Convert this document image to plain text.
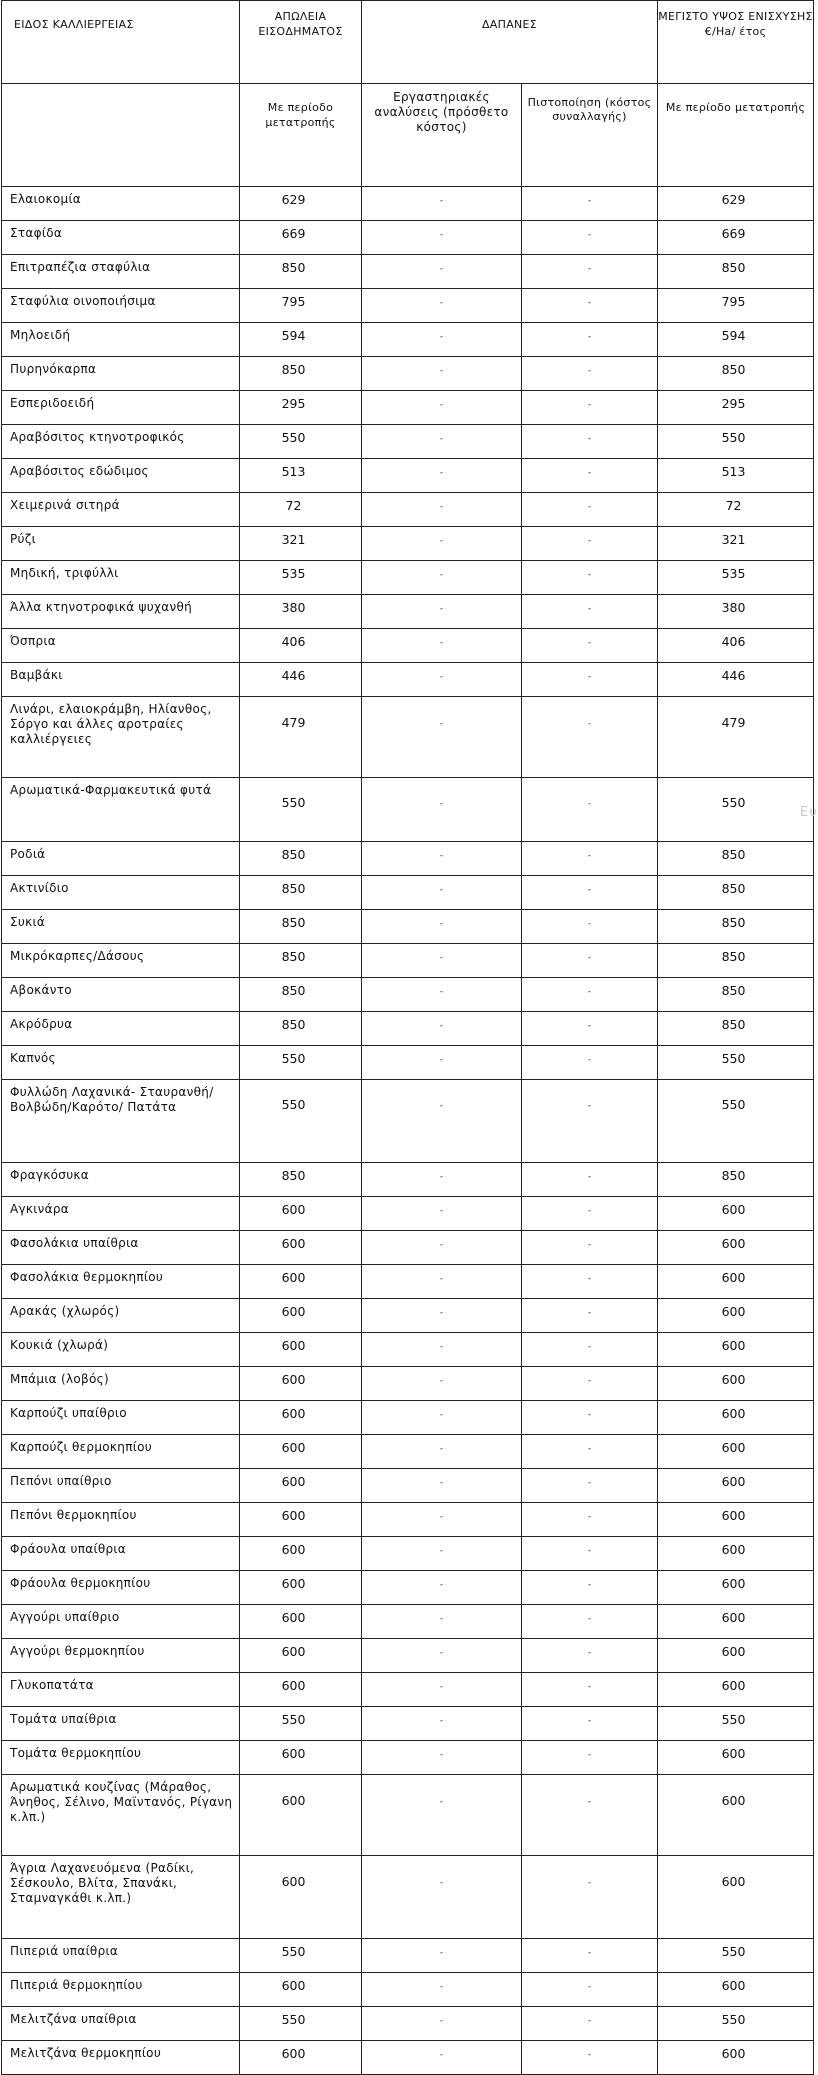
ΕΙΔΟΣ ΚΑΛΛΙΕΡΓΕΙΑΣ	ΑΠΩΛΕΙΑ ΕΙΣΟΔΗΜΑΤΟΣ	ΔΑΠΑΝΕΣ		ΜΕΓΙΣΤΟ ΥΨΟΣ ΕΝΙΣΧΥΣΗΣ €/Ha/ έτος
	Με περίοδο μετατροπής	Εργαστηριακές αναλύσεις (πρόσθετο κόστος)	Πιστοποίηση (κόστος συναλλαγής)	Με περίοδο μετατροπής
Ελαιοκομία	629	-	-	629
Σταφίδα	669	-	-	669
Επιτραπέζια σταφύλια	850	-	-	850
Σταφύλια οινοποιήσιμα	795	-	-	795
Μηλοειδή	594	-	-	594
Πυρηνόκαρπα	850	-	-	850
Εσπεριδοειδή	295	-	-	295
Αραβόσιτος κτηνοτροφικός	550	-	-	550
Αραβόσιτος εδώδιμος	513	-	-	513
Χειμερινά σιτηρά	72	-	-	72
Ρύζι	321	-	-	321
Μηδική, τριφύλλι	535	-	-	535
Άλλα κτηνοτροφικά ψυχανθή	380	-	-	380
Όσπρια	406	-	-	406
Βαμβάκι	446	-	-	446
Λινάρι, ελαιοκράμβη, Ηλίανθος, Σόργο και άλλες αροτραίες καλλιέργειες	479	-	-	479
Αρωματικά-Φαρμακευτικά φυτά	550	-	-	550
Ροδιά	850	-	-	850
Ακτινίδιο	850	-	-	850
Συκιά	850	-	-	850
Μικρόκαρπες/Δάσους	850	-	-	850
Αβοκάντο	850	-	-	850
Ακρόδρυα	850	-	-	850
Καπνός	550	-	-	550
Φυλλώδη Λαχανικά- Σταυρανθή/Βολβώδη/Καρότο/ Πατάτα	550	-	-	550
Φραγκόσυκα	850	-	-	850
Αγκινάρα	600	-	-	600
Φασολάκια υπαίθρια	600	-	-	600
Φασολάκια θερμοκηπίου	600	-	-	600
Αρακάς (χλωρός)	600	-	-	600
Κουκιά (χλωρά)	600	-	-	600
Μπάμια (λοβός)	600	-	-	600
Καρπούζι υπαίθριο	600	-	-	600
Καρπούζι θερμοκηπίου	600	-	-	600
Πεπόνι υπαίθριο	600	-	-	600
Πεπόνι θερμοκηπίου	600	-	-	600
Φράουλα υπαίθρια	600	-	-	600
Φράουλα θερμοκηπίου	600	-	-	600
Αγγούρι υπαίθριο	600	-	-	600
Αγγούρι θερμοκηπίου	600	-	-	600
Γλυκοπατάτα	600	-	-	600
Τομάτα υπαίθρια	550	-	-	550
Τομάτα θερμοκηπίου	600	-	-	600
Αρωματικά κουζίνας (Μάραθος, Άνηθος, Σέλινο, Μαϊντανός, Ρίγανη κ.λπ.)	600	-	-	600
Άγρια Λαχανευόμενα (Ραδίκι, Σέσκουλο, Βλίτα, Σπανάκι, Σταμναγκάθι κ.λπ.)	600	-	-	600
Πιπεριά υπαίθρια	550	-	-	550
Πιπεριά θερμοκηπίου	600	-	-	600
Μελιτζάνα υπαίθρια	550	-	-	550
Μελιτζάνα θερμοκηπίου	600	-	-	600
Ευ
